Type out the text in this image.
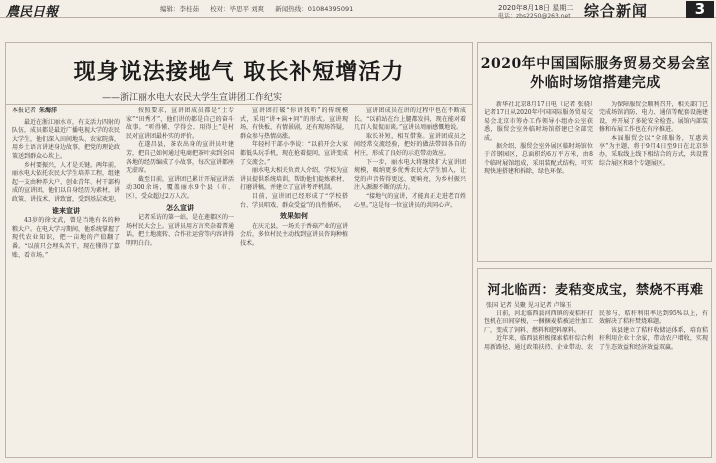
農民日報	编辑：李桂茹 校对：毕思平 刘爽 新闻热线：01084395091	2020年8月18日 星期二
电话：zbs2250@263.net 综合新闻	3
现身说法接地气 取长补短增活力
——浙江丽水电大农民大学生宣讲团工作纪实
本报记者 朱海洋

最近在浙江丽水市，有支活力四射的队伍，成员都是最近广播电视大学的农民大学生，他们深入田间地头、农家院落，用乡土语言讲述身边故事，把党的理论政策送到群众心坎上。

乡村要振兴，人才是关键。两年前，丽水电大依托农民大学生培养工程，组建起一支由种养大户、创业青年、村干部构成的宣讲团，他们以自身经历为素材，讲政策、讲技术、讲致富，受到基层欢迎。

谁来宣讲

43岁的徐文武，曾是当地有名的种粮大户。在电大学习期间，他系统掌握了现代农业知识，把一亩地的产值翻了番。“以前只会埋头苦干，现在懂得了算账、看市场。”

按照要求，宣讲团成员都是“土专家”“田秀才”，他们讲的都是自己的奋斗故事。“听得懂、学得会、用得上”是村民对宣讲团最朴实的评价。

在遂昌县，茶农出身的宣讲员叶建芳，把自己如何通过电商把茶叶卖到全国各地的经历编成了小故事，每次宣讲都座无虚席。

截至目前，宣讲团已累计开展宣讲活动300余场，覆盖丽水9个县（市、区），受众超过2万人次。

怎么宣讲

记者采访的第一站，是在莲都区的一场村民大会上。宣讲员用方言夹杂着普通话，把土地流转、合作社运营等内容讲得明明白白。

宣讲团打破“你讲我听”的传统模式，采用“讲+演+问”的形式。宣讲现场，有快板、有情景剧，还有现场答疑，群众参与热情高涨。

年轻村干部小李说：“以前开会大家都低头玩手机，现在抢着提问，宣讲变成了交流会。”

丽水电大相关负责人介绍，学校为宣讲员提供系统培训，帮助他们提炼素材、打磨讲稿，并建立了宣讲考评机制。

目前，宣讲团已经形成了“学校搭台、学员唱戏、群众受益”的良性循环。

效果如何

在庆元县，一场关于香菇产业的宣讲会后，多位村民主动找到宣讲员咨询种植技术。

宣讲团成员在讲的过程中也在不断成长。“以前站在台上腿都发抖，现在能对着几百人侃侃而谈。”宣讲员周丽感慨地说。

取长补短，相互借鉴。宣讲团成员之间经常交流经验，把好的做法带回各自的村庄，形成了良好的示范带动效应。

下一步，丽水电大将继续扩大宣讲团规模，吸纳更多优秀农民大学生加入，让党的声音传得更远、更响亮，为乡村振兴注入源源不断的活力。

“接地气的宣讲，才能真正走进老百姓心里。”这是每一位宣讲员的共同心声。

2020年中国国际服务贸易交易会室外临时场馆搭建完成

新华社北京8月17日电（记者 张骁）记者17日从2020年中国国际服务贸易交易会北京市筹办工作领导小组办公室获悉，服贸会室外临时场馆搭建已全部完成。

据介绍，服贸会室外展区临时场馆位于首钢园区，总面积约6万平方米，由8个临时展馆组成，采用装配式结构，可实现快速搭建和拆除，绿色环保。

为保障服贸会顺利召开，相关部门已完成场馆消防、电力、通信等配套设施建设，并开展了多轮安全检查。展馆内部装修和布展工作也在有序推进。

本届服贸会以“全球服务，互惠共享”为主题，将于9月4日至9日在北京举办，采取线上线下相结合的方式，共设置综合展区和8个专题展区。

河北临西：麦秸变成宝，禁烧不再难
张国 记者 吴聚 见习记者 卢锦玉

日前，河北临西县河西镇的麦秸秆打包机在田间穿梭，一捆捆麦秸被运往加工厂，变成了饲料、燃料和肥料原料。

近年来，临西县积极探索秸秆综合利用新路径，通过政策扶持、企业带动、农民参与，秸秆利用率达到95%以上，有效解决了秸秆焚烧难题。

该县建立了秸秆收储运体系，培育秸秆利用企业十余家，带动农户增收，实现了生态效益和经济效益双赢。
